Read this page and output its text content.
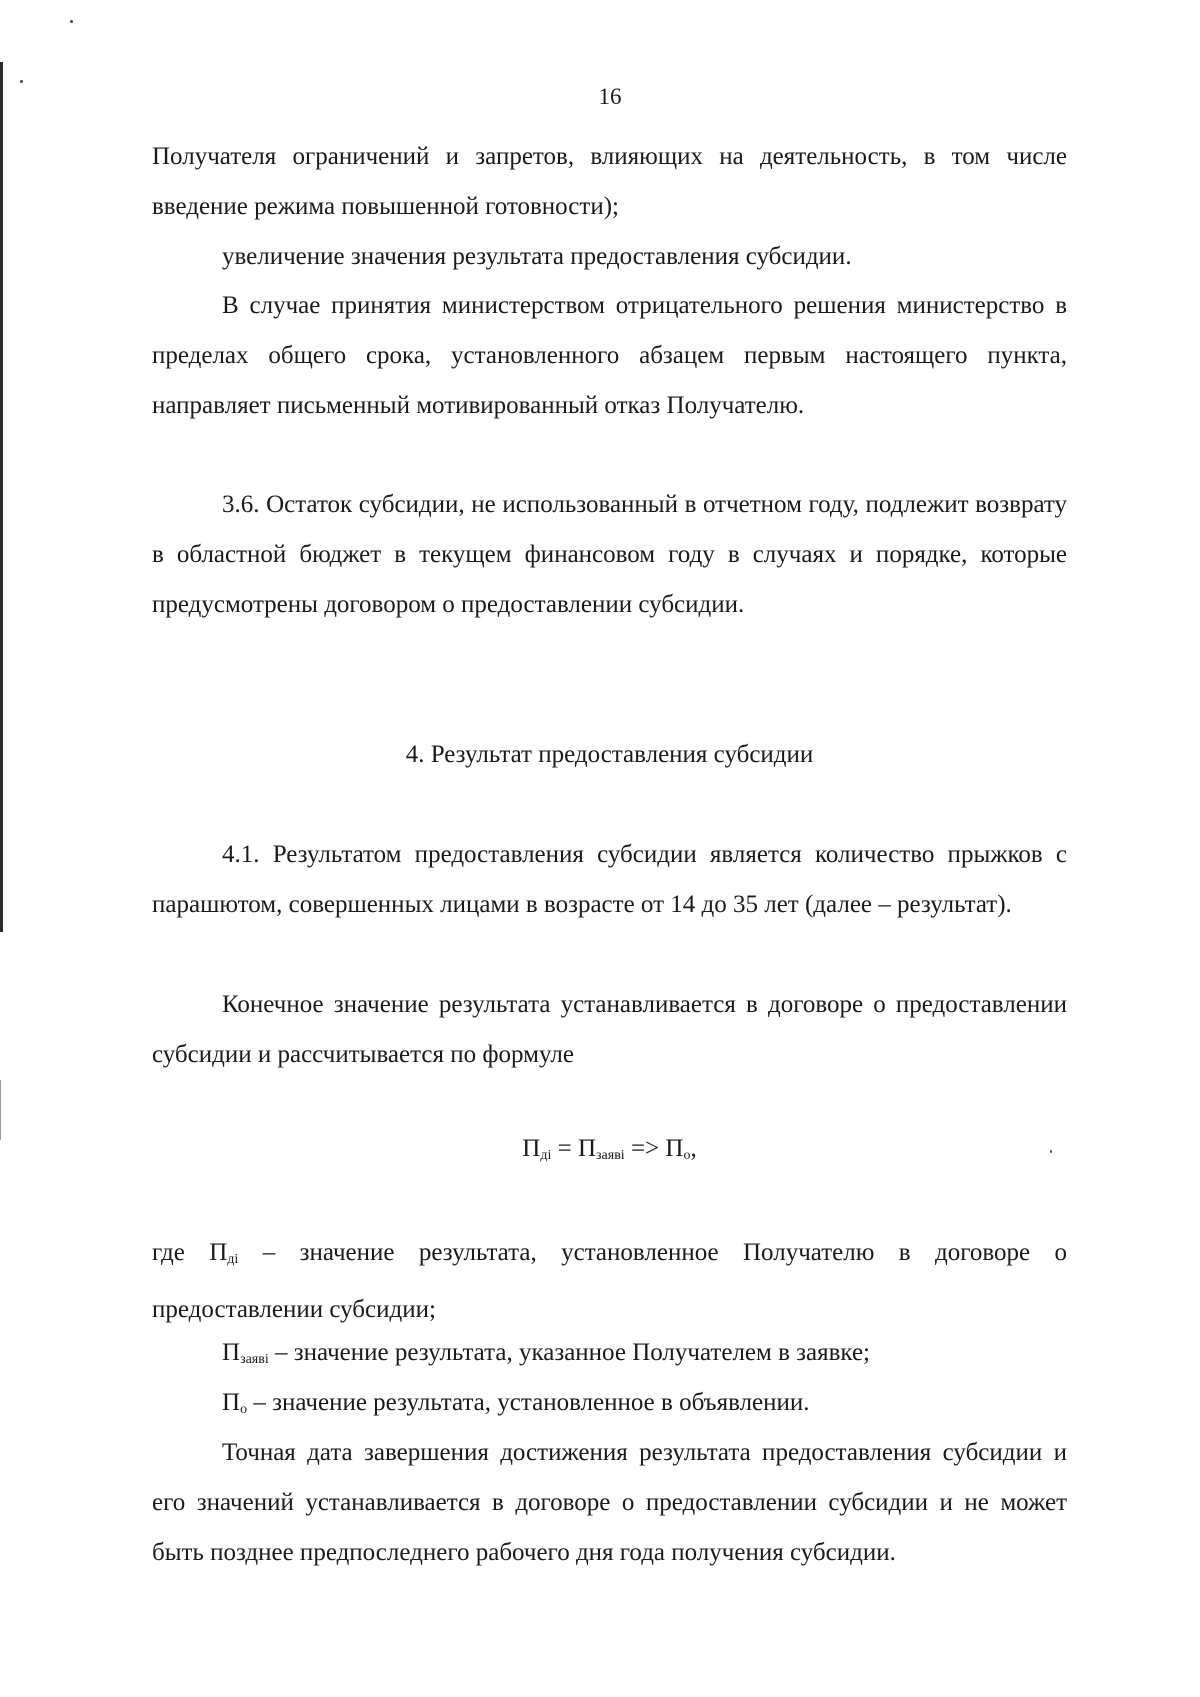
16

Получателя ограничений и запретов, влияющих на деятельность, в том числе введение режима повышенной готовности);

увеличение значения результата предоставления субсидии.

В случае принятия министерством отрицательного решения министерство в пределах общего срока, установленного абзацем первым настоящего пункта, направляет письменный мотивированный отказ Получателю.

3.6. Остаток субсидии, не использованный в отчетном году, подлежит возврату в областной бюджет в текущем финансовом году в случаях и порядке, которые предусмотрены договором о предоставлении субсидии.

4. Результат предоставления субсидии

4.1. Результатом предоставления субсидии является количество прыжков с парашютом, совершенных лицами в возрасте от 14 до 35 лет (далее – результат).

Конечное значение результата устанавливается в договоре о предоставлении субсидии и рассчитывается по формуле

$П_{дi} = П_{заяві} => П_о$,

где $П_{дi}$ – значение результата, установленное Получателю в договоре о предоставлении субсидии;

$П_{заяві}$ – значение результата, указанное Получателем в заявке;

$П_о$ – значение результата, установленное в объявлении.

Точная дата завершения достижения результата предоставления субсидии и его значений устанавливается в договоре о предоставлении субсидии и не может быть позднее предпоследнего рабочего дня года получения субсидии.
